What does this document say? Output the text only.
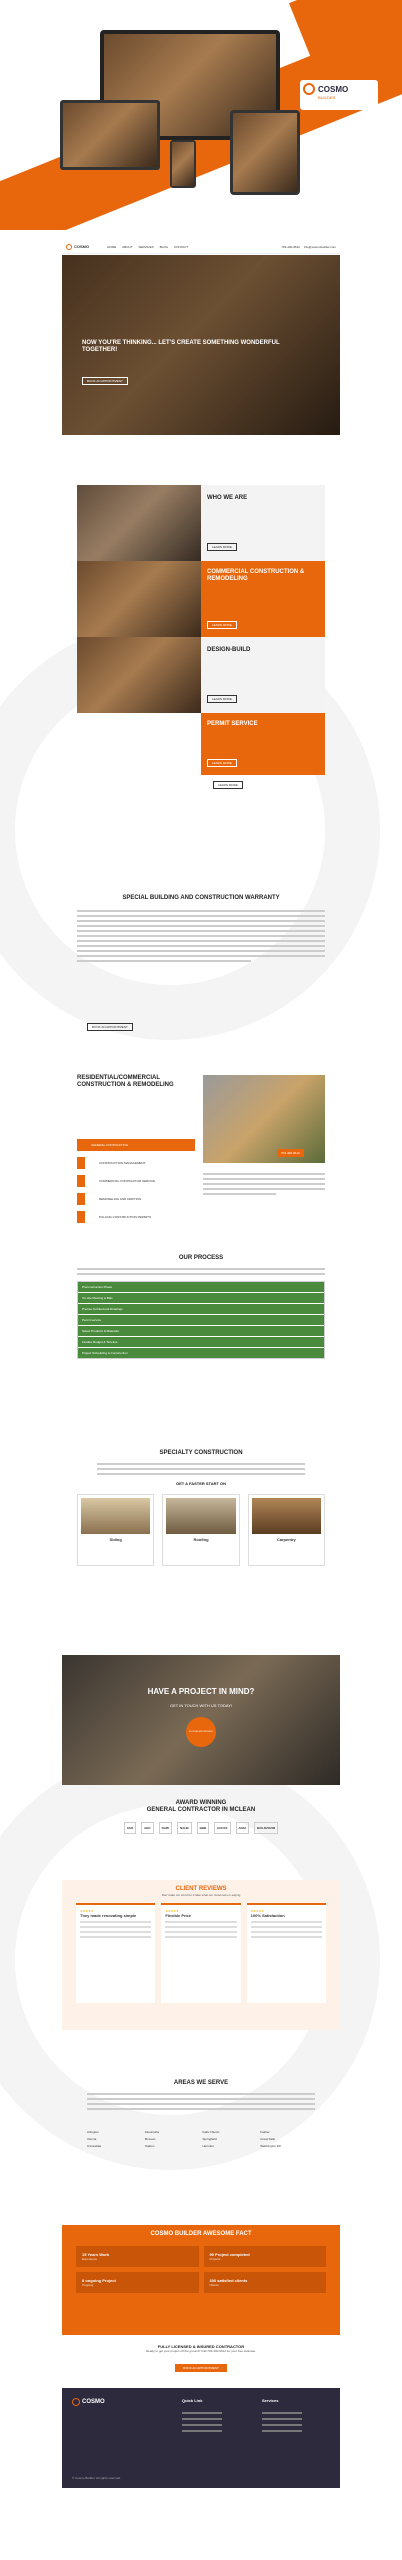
COSMO
BUILDER
COSMO	HOME ABOUT SERVICES BLOG CONTACT	703-400-9612 info@cosmobuilder.com
NOW YOU'RE THINKING... LET'S CREATE SOMETHING WONDERFUL TOGETHER!
BOOK AN APPOINTMENT
WHO WE ARE
LEARN MORE
COMMERCIAL CONSTRUCTION & REMODELING
LEARN MORE
DESIGN-BUILD
LEARN MORE
PERMIT SERVICE
LEARN MORE
LEARN MORE
SPECIAL BUILDING AND CONSTRUCTION WARRANTY
BOOK AN APPOINTMENT
RESIDENTIAL/COMMERCIAL CONSTRUCTION & REMODELING
GENERAL CONTRACTING
CONSTRUCTION MANAGEMENT
COMMERCIAL CONTRACTOR SERVICE
REMODELING AND ADDITION
PULLING CONSTRUCTION PERMITS
703-400-9612
OUR PROCESS
Preconstruction Phase
On-site Meeting & Bids
Precise Architectural Drawings
Permit service
Select Products & Materials
Finalize Budget & Timeline
Project Scheduling & Construction
SPECIALTY CONSTRUCTION
GET A FASTER START ON
Siding	Roofing	Carpentry
HAVE A PROJECT IN MIND?
GET IN TOUCH WITH US TODAY!
BOOK AN APPOINTMENT
AWARD WINNING
GENERAL CONTRACTOR IN MCLEAN
SSO	ABC	NARI	NAHB	BBB	HOUZZ	ANGI	BUILDZOOM
CLIENT REVIEWS
Don't take our word for it take what our customers is saying
★★★★★
They made renovating simple
★★★★★
Flexible Price
★★★★★
100% Satisfaction
AREAS WE SERVE
Arlington	Alexandria	Falls Church	Fairfax
Vienna	McLean	Springfield	Great Falls
Annandale	Oakton	Herndon	Washington DC
COSMO BUILDER AWESOME FACT
15 Years Work
Experience
90 Project completed
Projects
8 ongoing Project
Ongoing
300 satisfied clients
Clients
FULLY LICENSED & INSURED CONTRACTOR
Ready to get your project off the ground? Call 703-400-9612 for your free estimate.
BOOK AN APPOINTMENT
COSMO	Quick Link	Services
© Cosmo Builder. All rights reserved.
